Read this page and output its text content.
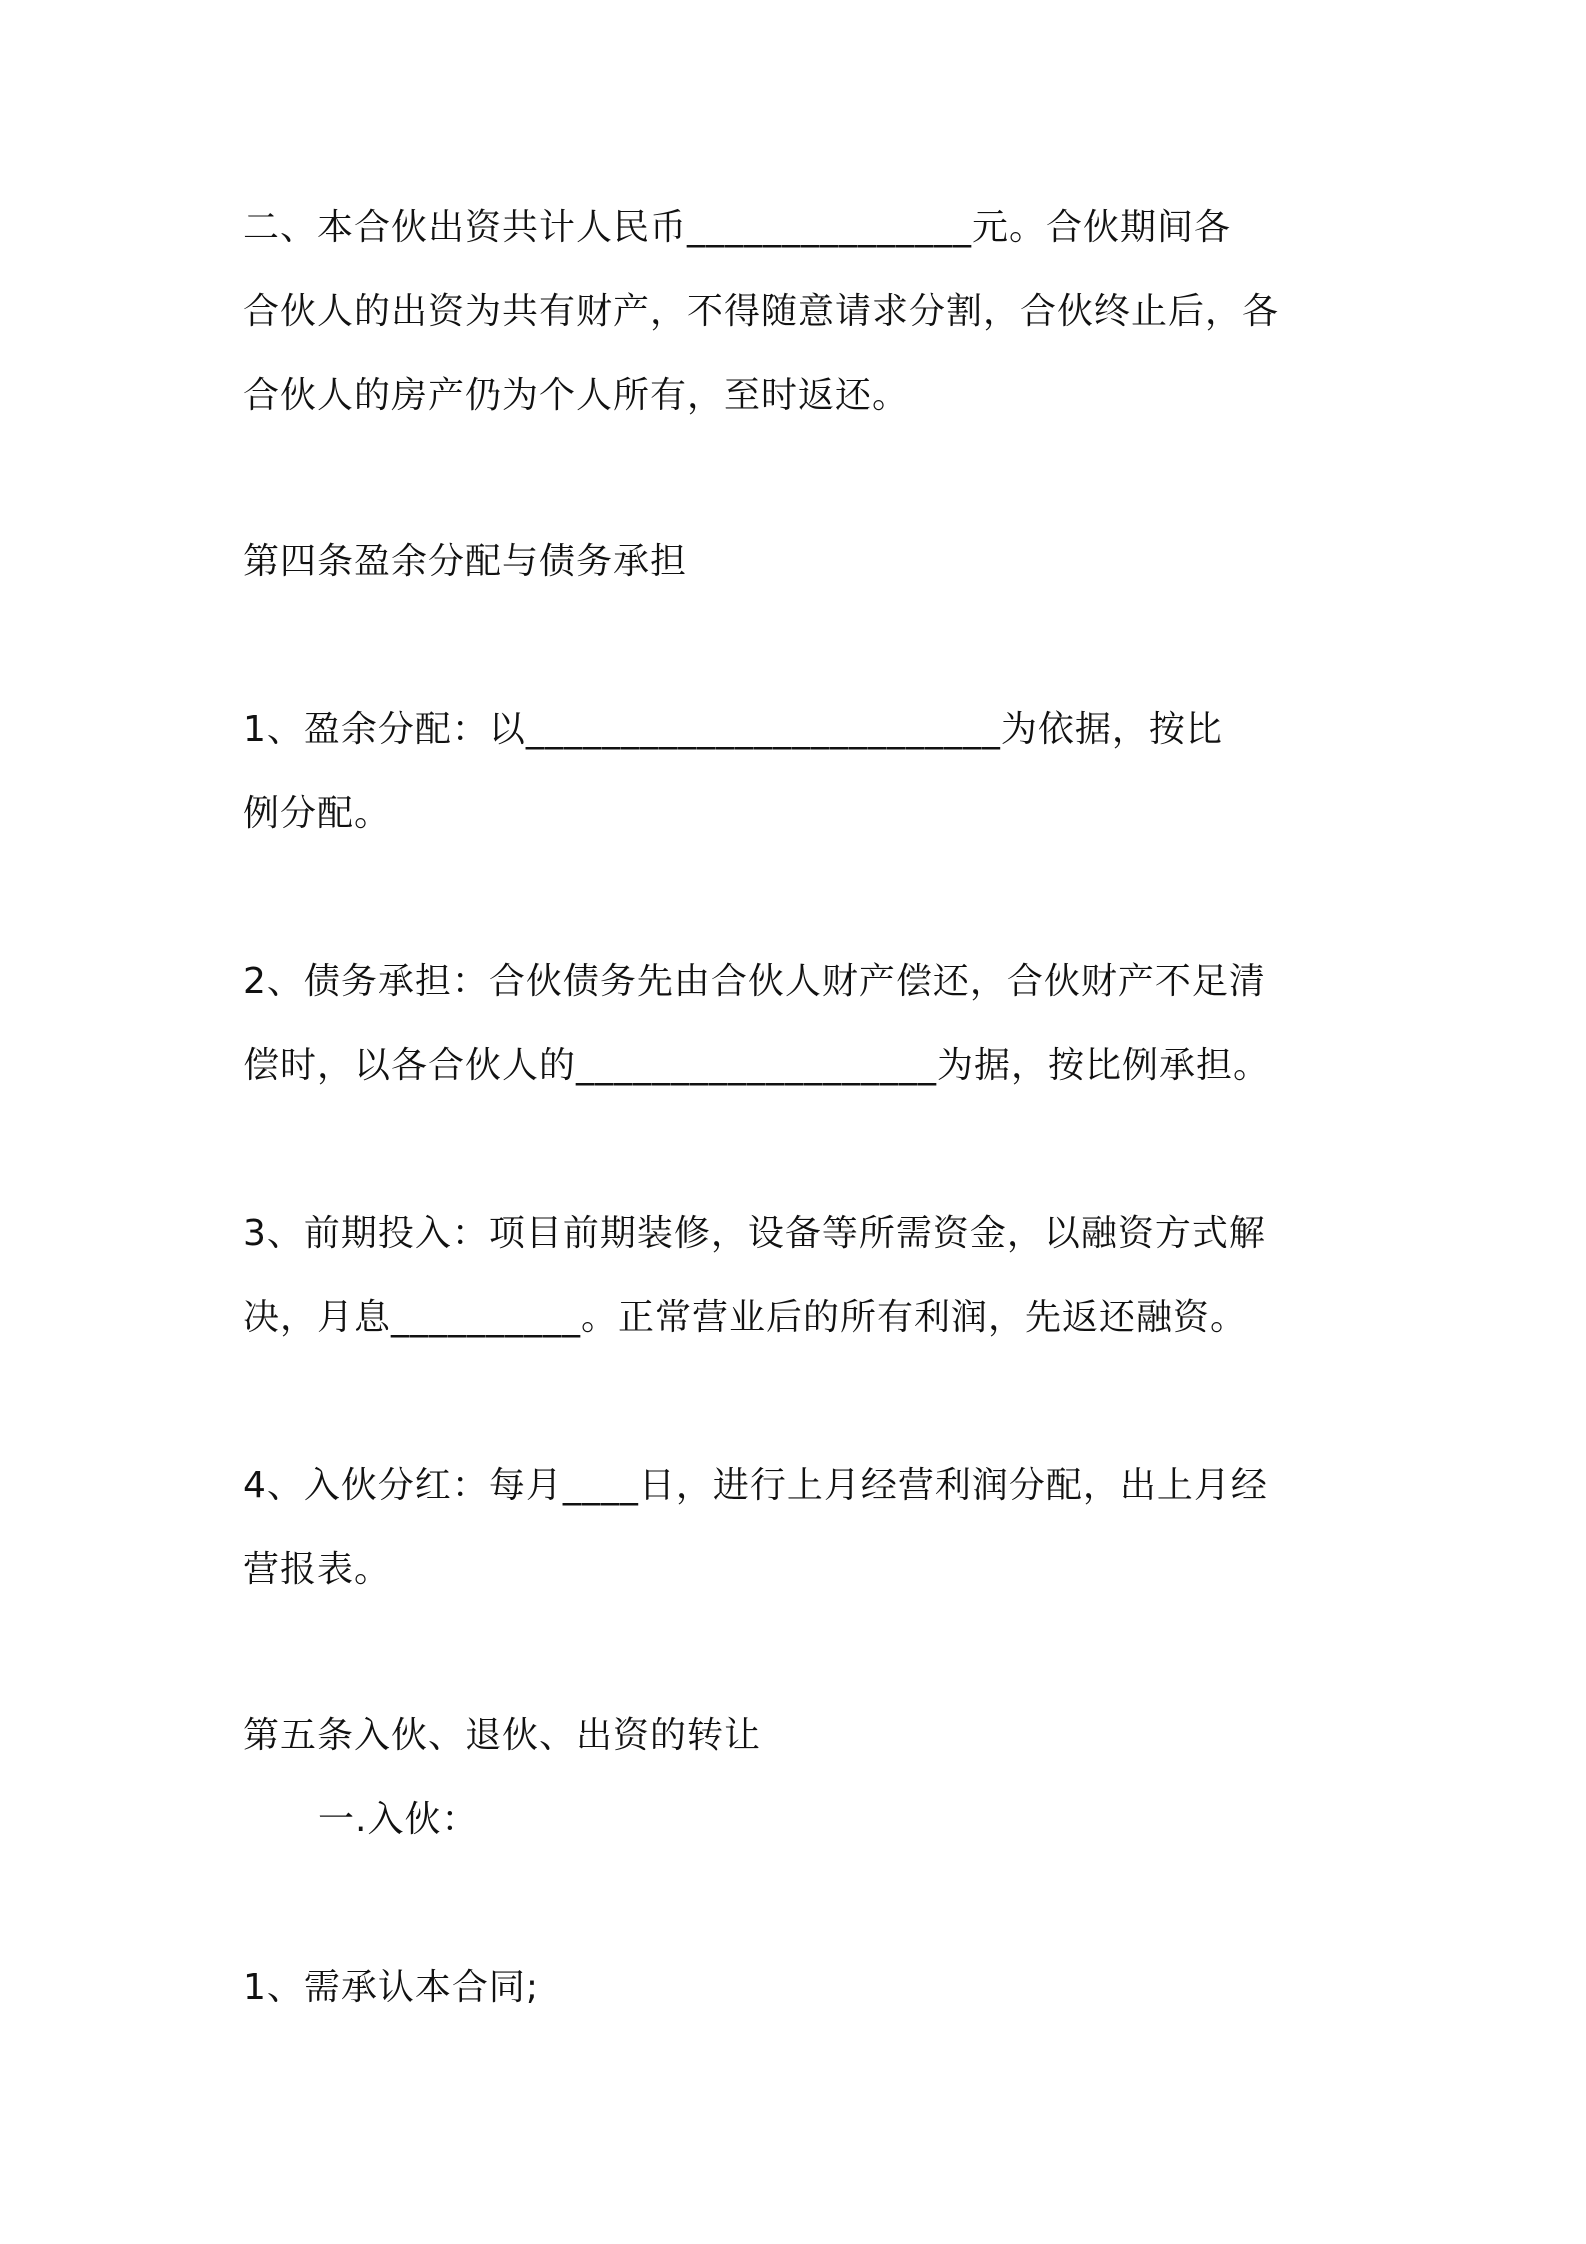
二、本合伙出资共计人民币_______________元。合伙期间各
合伙人的出资为共有财产，不得随意请求分割，合伙终止后，各
合伙人的房产仍为个人所有，至时返还。
第四条盈余分配与债务承担
1、盈余分配：以_________________________为依据，按比
例分配。
2、债务承担：合伙债务先由合伙人财产偿还，合伙财产不足清
偿时，以各合伙人的___________________为据，按比例承担。
3、前期投入：项目前期装修，设备等所需资金，以融资方式解
决，月息__________。正常营业后的所有利润，先返还融资。
4、入伙分红：每月____日，进行上月经营利润分配，出上月经
营报表。
第五条入伙、退伙、出资的转让
一.入伙：
1、需承认本合同;
